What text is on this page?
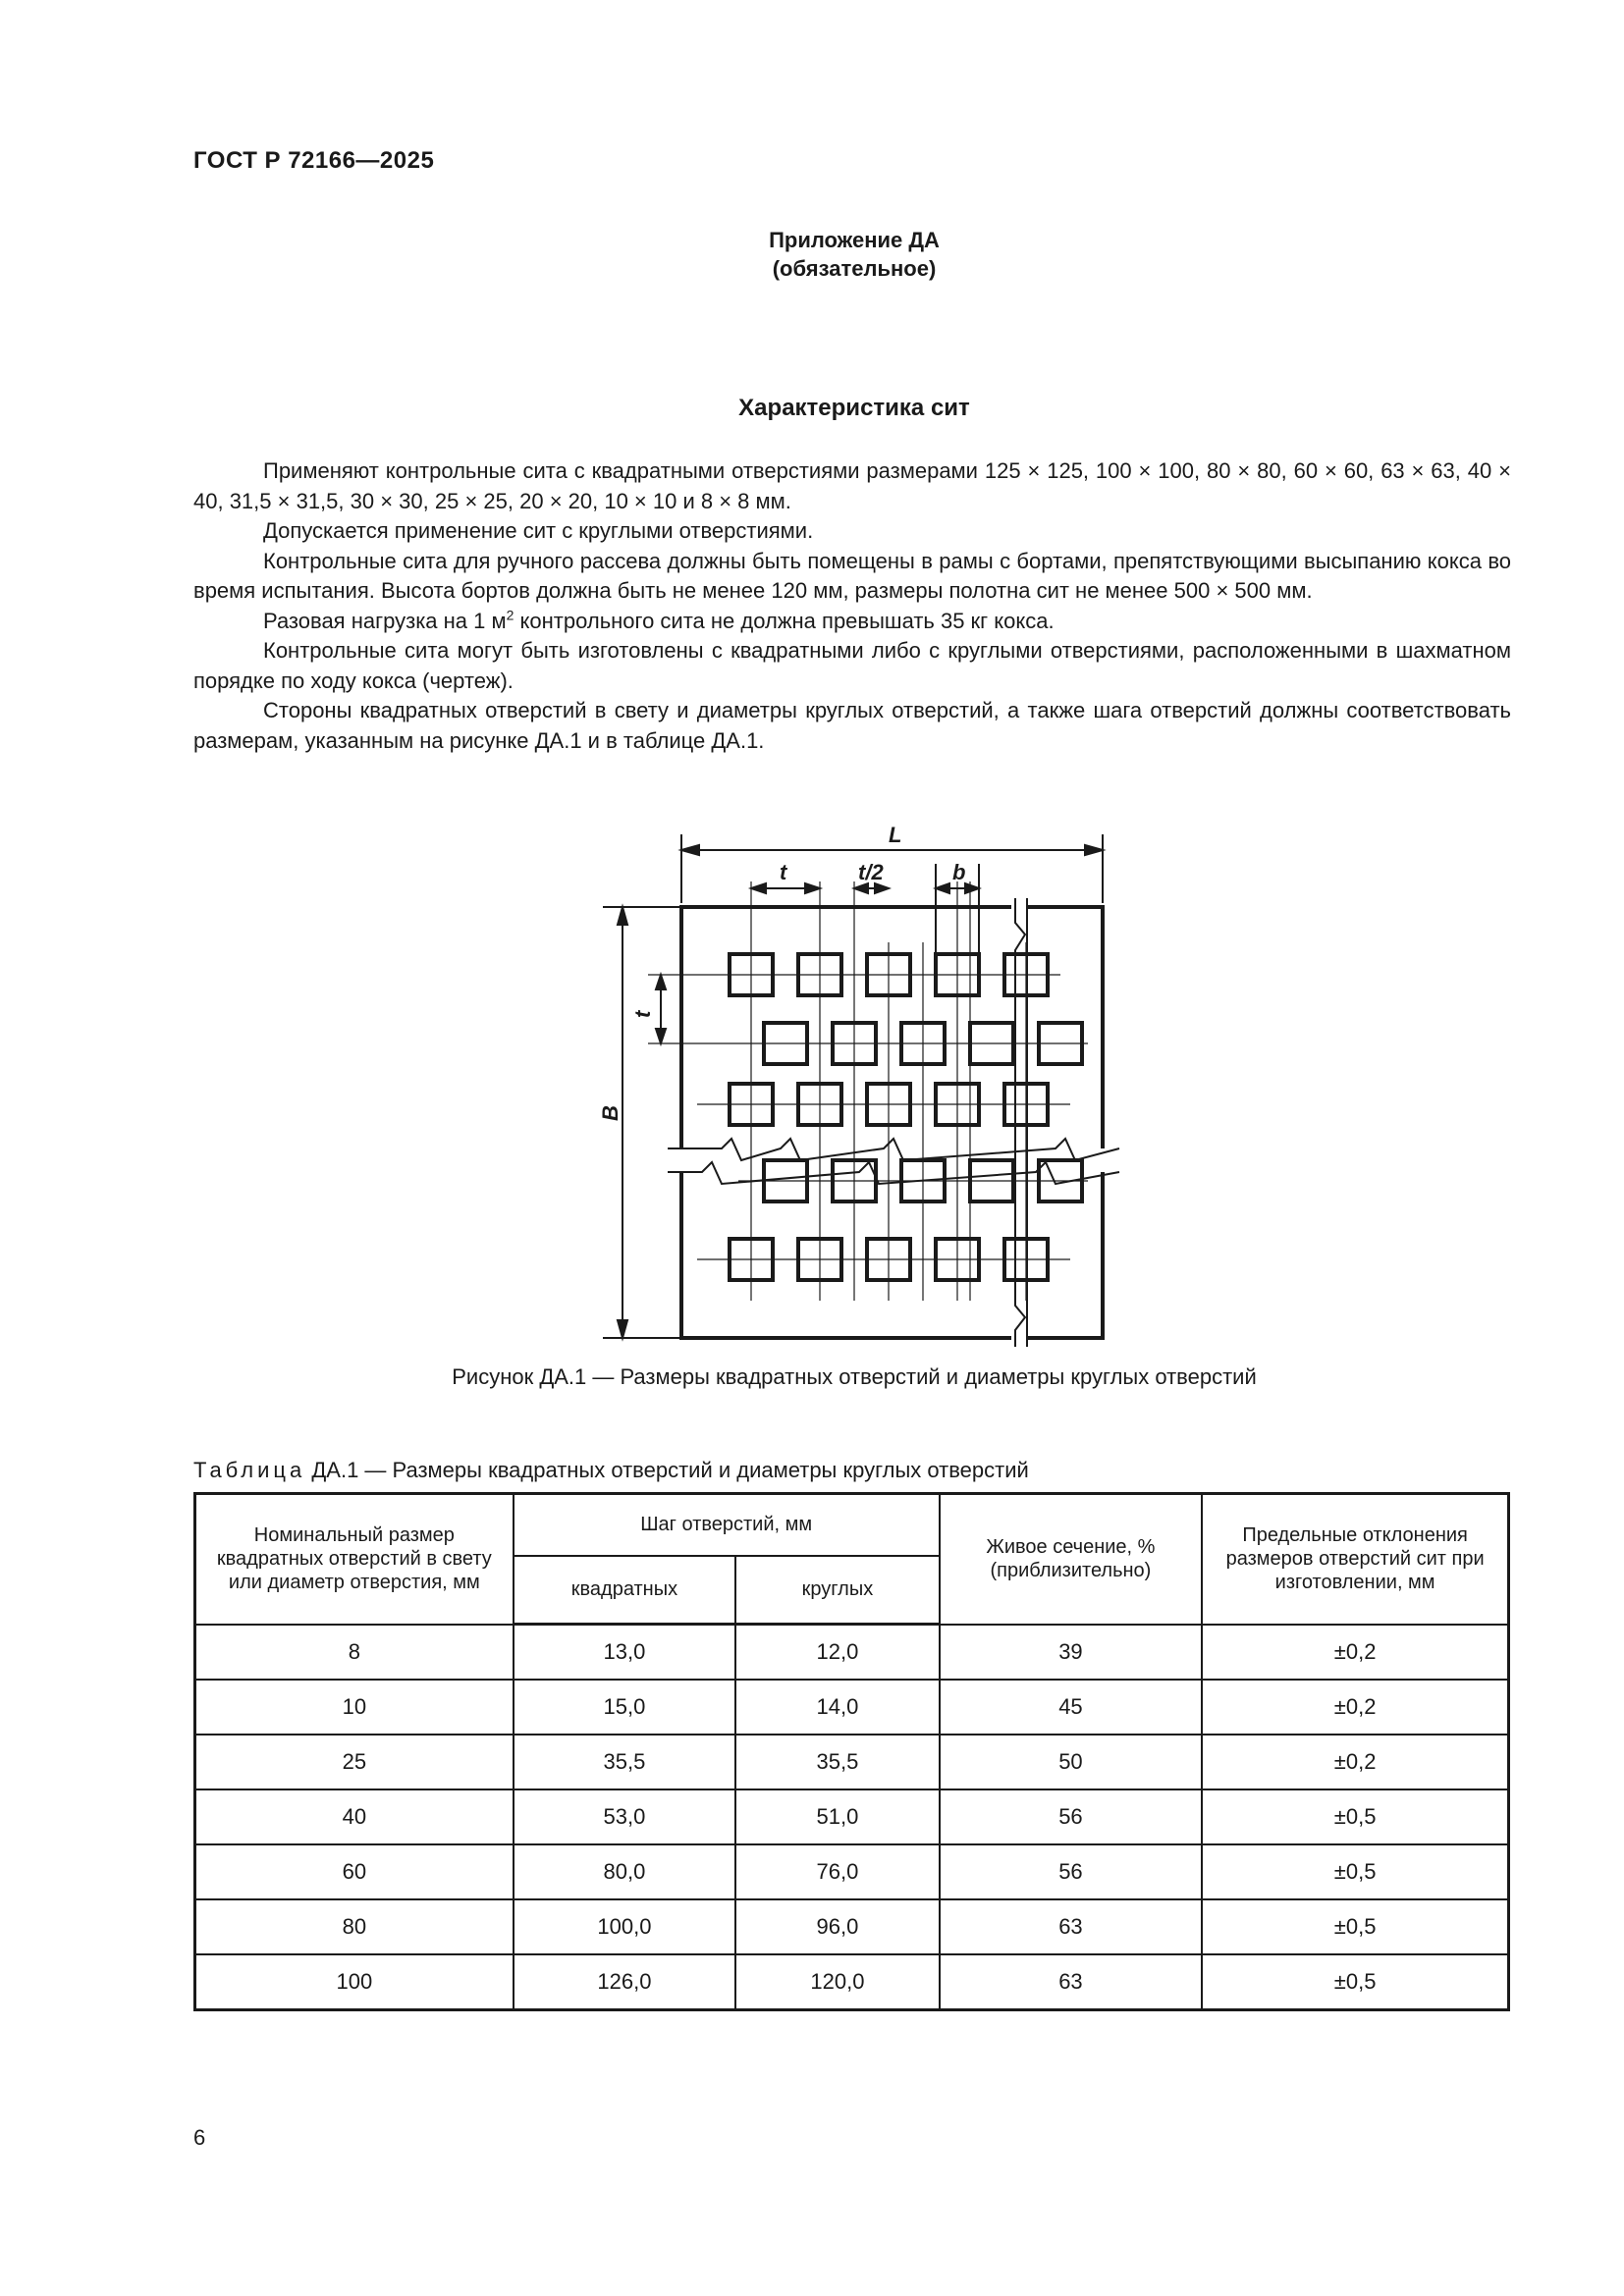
ГОСТ Р 72166—2025
Приложение ДА
(обязательное)
Характеристика сит

Применяют контрольные сита с квадратными отверстиями размерами 125 × 125, 100 × 100, 80 × 80, 60 × 60, 63 × 63, 40 × 40, 31,5 × 31,5, 30 × 30, 25 × 25, 20 × 20, 10 × 10 и 8 × 8 мм.

Допускается применение сит с круглыми отверстиями.

Контрольные сита для ручного рассева должны быть помещены в рамы с бортами, препятствующими высыпанию кокса во время испытания. Высота бортов должна быть не менее 120 мм, размеры полотна сит не менее 500 × 500 мм.

Разовая нагрузка на 1 $м^2$ контрольного сита не должна превышать 35 кг кокса.

Контрольные сита могут быть изготовлены с квадратными либо с круглыми отверстиями, расположенными в шахматном порядке по ходу кокса (чертеж).

Стороны квадратных отверстий в свету и диаметры круглых отверстий, а также шага отверстий должны соответствовать размерам, указанным на рисунке ДА.1 и в таблице ДА.1.

L
t	t/2	b
t
B
Рисунок ДА.1 — Размеры квадратных отверстий и диаметры круглых отверстий
Таблица ДА.1 — Размеры квадратных отверстий и диаметры круглых отверстий
Номинальный размер квадратных отверстий в свету или диаметр отверстия, мм	Шаг отверстий, мм		Живое сечение, % (приблизительно)	Предельные отклонения размеров отверстий сит при изготовлении, мм
	квадратных	круглых		
8	13,0	12,0	39	±0,2
10	15,0	14,0	45	±0,2
25	35,5	35,5	50	±0,2
40	53,0	51,0	56	±0,5
60	80,0	76,0	56	±0,5
80	100,0	96,0	63	±0,5
100	126,0	120,0	63	±0,5
6
